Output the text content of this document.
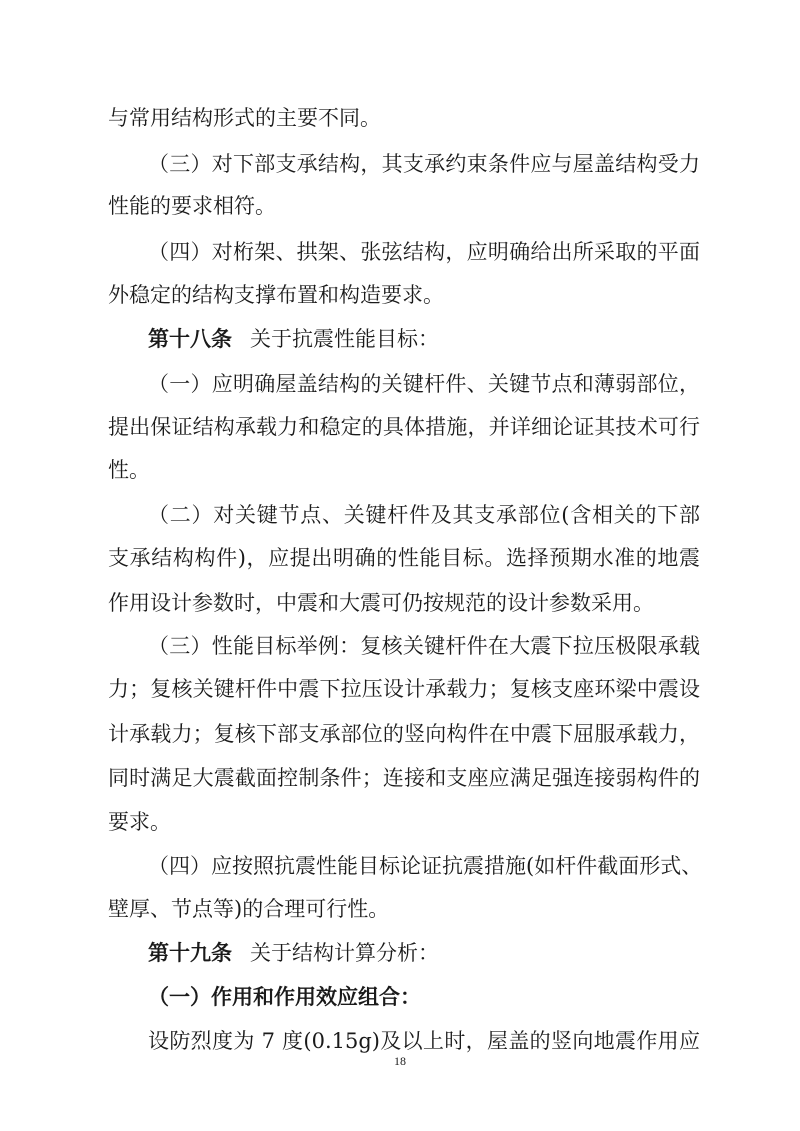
与常用结构形式的主要不同。
（三）对下部支承结构，其支承约束条件应与屋盖结构受力
性能的要求相符。
（四）对桁架、拱架、张弦结构，应明确给出所采取的平面
外稳定的结构支撑布置和构造要求。
第十八条 关于抗震性能目标：
（一）应明确屋盖结构的关键杆件、关键节点和薄弱部位，
提出保证结构承载力和稳定的具体措施，并详细论证其技术可行
性。
（二）对关键节点、关键杆件及其支承部位(含相关的下部
支承结构构件)，应提出明确的性能目标。选择预期水准的地震
作用设计参数时，中震和大震可仍按规范的设计参数采用。
（三）性能目标举例：复核关键杆件在大震下拉压极限承载
力；复核关键杆件中震下拉压设计承载力；复核支座环梁中震设
计承载力；复核下部支承部位的竖向构件在中震下屈服承载力，
同时满足大震截面控制条件；连接和支座应满足强连接弱构件的
要求。
（四）应按照抗震性能目标论证抗震措施(如杆件截面形式、
壁厚、节点等)的合理可行性。
第十九条 关于结构计算分析：
（一）作用和作用效应组合：
设防烈度为 7 度(0.15g)及以上时，屋盖的竖向地震作用应
18
